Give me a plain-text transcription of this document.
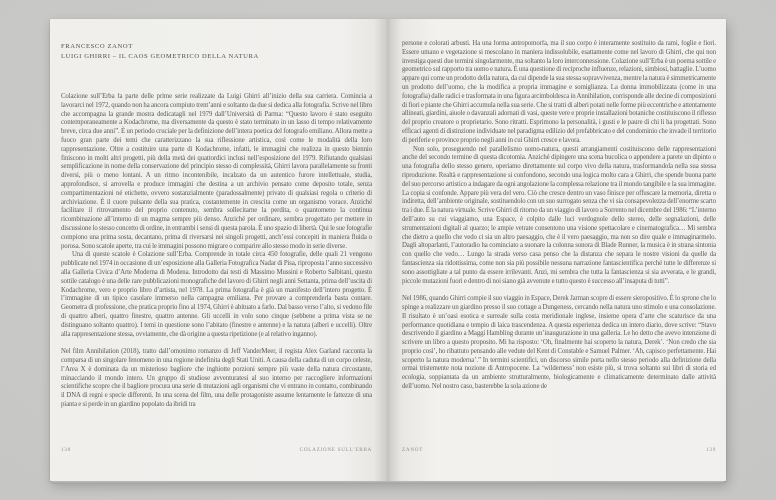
FRANCESCO ZANOT
LUIGI GHIRRI – IL CAOS GEOMETRICO DELLA NATURA

Colazione sull’Erba fa parte delle prime serie realizzate da Luigi Ghirri all’inizio della sua carriera. Comincia a lavorarci nel 1972, quando non ha ancora compiuto trent’anni e soltanto da due si dedica alla fotografia. Scrive nel libro che accompagna la grande mostra dedicatagli nel 1979 dall’Università di Parma: “Questo lavoro è stato eseguito contemporaneamente a Kodachrome, ma diversamente da questo è stato terminato in un lasso di tempo relativamente breve, circa due anni”. È un periodo cruciale per la definizione dell’intera poetica del fotografo emiliano. Allora mette a fuoco gran parte dei temi che caratterizzano la sua riflessione artistica, così come le modalità della loro rappresentazione. Oltre a costituire una parte di Kodachrome, infatti, le immagini che realizza in questo biennio finiscono in molti altri progetti, più della metà dei quattordici inclusi nell’esposizione del 1979. Rifiutando qualsiasi semplificazione in nome della conservazione del principio stesso di complessità, Ghirri lavora parallelamente su fronti diversi, più o meno lontani. A un ritmo incontenibile, incalzato da un autentico furore intellettuale, studia, approfondisce, si arrovella e produce immagini che destina a un archivio pensato come deposito totale, senza compartimentazioni né etichette, ovvero sostanzialmente (paradossalmente) privato di qualsiasi regola o criterio di archiviazione. È il cuore pulsante della sua pratica, costantemente in crescita come un organismo vorace. Anziché facilitare il ritrovamento del proprio contenuto, sembra sollecitarne la perdita, o quantomeno la continua ricombinazione all’interno di un magma sempre più denso. Anziché per ordinare, sembra progettato per mettere in discussione lo stesso concetto di ordine, in entrambi i sensi di questa parola. È uno spazio di libertà. Qui le sue fotografie compiono una prima sosta, decantano, prima di riversarsi nei singoli progetti, anch’essi concepiti in maniera fluida o porosa. Sono scatole aperte, tra cui le immagini possono migrare o comparire allo stesso modo in serie diverse.

Una di queste scatole è Colazione sull’Erba. Comprende in totale circa 450 fotografie, delle quali 21 vengono pubblicate nel 1974 in occasione di un’esposizione alla Galleria Fotografica Nadar di Pisa, riproposta l’anno successivo alla Galleria Civica d’Arte Moderna di Modena. Introdotto dai testi di Massimo Mussini e Roberto Salbitani, questo sottile catalogo è una delle rare pubblicazioni monografiche del lavoro di Ghirri negli anni Settanta, prima dell’uscita di Kodachrome, vero e proprio libro d’artista, nel 1978. La prima fotografia è già un manifesto dell’intero progetto. È l’immagine di un tipico casolare immerso nella campagna emiliana. Per provare a comprenderla basta contare. Geometra di professione, che pratica proprio fino al 1974, Ghirri è abituato a farlo. Dal basso verso l’alto, si vedono file di quattro alberi, quattro finestre, quattro antenne. Gli uccelli in volo sono cinque (sebbene a prima vista se ne distinguano soltanto quattro). I temi in questione sono l’abitato (finestre e antenne) e la natura (alberi e uccelli). Oltre alla rappresentazione stessa, ovviamente, che dà origine a questa ripetizione (e al relativo inganno).

Nel film Annihilation (2018), tratto dall’omonimo romanzo di Jeff VanderMeer, il regista Alex Garland racconta la comparsa di un singolare fenomeno in una regione indefinita degli Stati Uniti. A causa della caduta di un corpo celeste, l’Area X è dominata da un misterioso bagliore che inghiotte porzioni sempre più vaste della natura circostante, minacciando il mondo intero. Un gruppo di studiose avventuratesi al suo interno per raccogliere informazioni scientifiche scopre che il bagliore procura una serie di mutazioni agli organismi che vi entrano in contatto, combinando il DNA di regni e specie differenti. In una scena del film, una delle protagoniste assume lentamente le fattezze di una pianta e si perde in un giardino popolato da ibridi tra

138	COLAZIONE SULL’ERBA

persone e colorati arbusti. Ha una forma antropomorfa, ma il suo corpo è interamente sostituito da rami, foglie e fiori. Essere umano e vegetazione si mescolano in maniera indissolubile, esattamente come nel lavoro di Ghirri, che qui non investiga questi due termini singolarmente, ma soltanto la loro interconnessione. Colazione sull’Erba è un poema sottile e geometrico sul rapporto tra uomo e natura. È una questione di reciproche influenze, relazioni, simbiosi, battaglie. L’uomo appare qui come un prodotto della natura, da cui dipende la sua stessa sopravvivenza, mentre la natura è simmetricamente un prodotto dell’uomo, che la modifica a propria immagine e somiglianza. La donna immobilizzata (come in una fotografia) dalle radici e trasformata in una figura arcimboldesca in Annihilation, corrisponde alle decine di composizioni di fiori e piante che Ghirri accumula nella sua serie. Che si tratti di alberi potati nelle forme più eccentriche e attentamente allineati, giardini, aiuole o davanzali adornati di vasi, queste vere e proprie installazioni botaniche costituiscono il riflesso del proprio creatore o proprietario. Sono ritratti. Esprimono la personalità, i gusti e le paure di chi li ha progettati. Sono efficaci agenti di distinzione individuate nel paradigma edilizio del prefabbricato e del condominio che invade il territorio di periferie e province proprio negli anni in cui Ghirri cresce e lavora.

Non solo, proseguendo nel parallelismo uomo-natura, questi arrangiamenti costituiscono delle rappresentazioni anche del secondo termine di questa dicotomia. Anziché dipingere una scena bucolica o appendere a parete un dipinto o una fotografia dello stesso genere, operiamo direttamente sul corpo vivo della natura, trasformandola nella sua stessa riproduzione. Realtà e rappresentazione si confondono, secondo una logica molto cara a Ghirri, che spende buona parte del suo percorso artistico a indagare da ogni angolazione la complessa relazione tra il mondo tangibile e la sua immagine. La copia si confonde. Appare più vera del vero. Ciò che cresce dentro un vaso finisce per offuscare la memoria, diretta o indiretta, dell’ambiente originale, sostituendolo con un suo surrogato senza che vi sia consapevolezza dell’enorme scarto tra i due. È la natura virtuale. Scrive Ghirri di ritorno da un viaggio di lavoro a Sorrento nel dicembre del 1986: “L’interno dell’auto su cui viaggiamo, una Espace, è colpito dalle luci verdognole dello stereo, delle segnalazioni, delle strumentazioni digitali al quarzo; le ampie vetrate consentono una visione spettacolare e cinematografica… Mi sembra che dietro a quello che vedo ci sia un altro paesaggio, che è il vero paesaggio, ma non so dire quale e immaginarmelo. Dagli altoparlanti, l’autoradio ha cominciato a suonare la colonna sonora di Blade Runner, la musica è in strana sintonia con quello che vedo… Lungo la strada verso casa penso che la distanza che separa le nostre visioni da quelle da fantascienza sia ridottissima, come non sia più possibile nessuna narrazione fantascientifica perché tutte le differenze si sono assottigliate a tal punto da essere irrilevanti. Anzi, mi sembra che tutta la fantascienza si sia avverata, e le grandi, piccole mutazioni fuori e dentro di noi siano già avvenute e tutto questo è successo all’insaputa di tutti”.

Nel 1986, quando Ghirri compie il suo viaggio in Espace, Derek Jarman scopre di essere sieropositivo. È lo sprone che lo spinge a realizzare un giardino presso il suo cottage a Dungeness, cercando nella natura uno stimolo e una consolazione. Il risultato è un’oasi esotica e surreale sulla costa meridionale inglese, insieme opera d’arte che scaturisce da una performance quotidiana e tempio di laica trascendenza. A questa esperienza dedica un intero diario, dove scrive: “Stavo descrivendo il giardino a Maggi Hambling durante un’inaugurazione in una galleria. Le ho detto che avevo intenzione di scrivere un libro a questo proposito. Mi ha risposto: ‘Oh, finalmente hai scoperto la natura, Derek’. ‘Non credo che sia proprio così’, ho ribattuto pensando alle vedute del Kent di Constable e Samuel Palmer. ‘Ah, capisco perfettamente. Hai scoperto la natura moderna’.” In termini scientifici, un discorso simile porta nello stesso periodo alla definizione della ormai tristemente nota nozione di Antropocene. La ‘wilderness’ non esiste più, si trova soltanto sui libri di storia ed ecologia, soppiantata da un ambiente strutturalmente, biologicamente e climaticamente determinato dalle attività dell’uomo. Nel nostro caso, basterebbe la sola azione de

ZANOT	139
